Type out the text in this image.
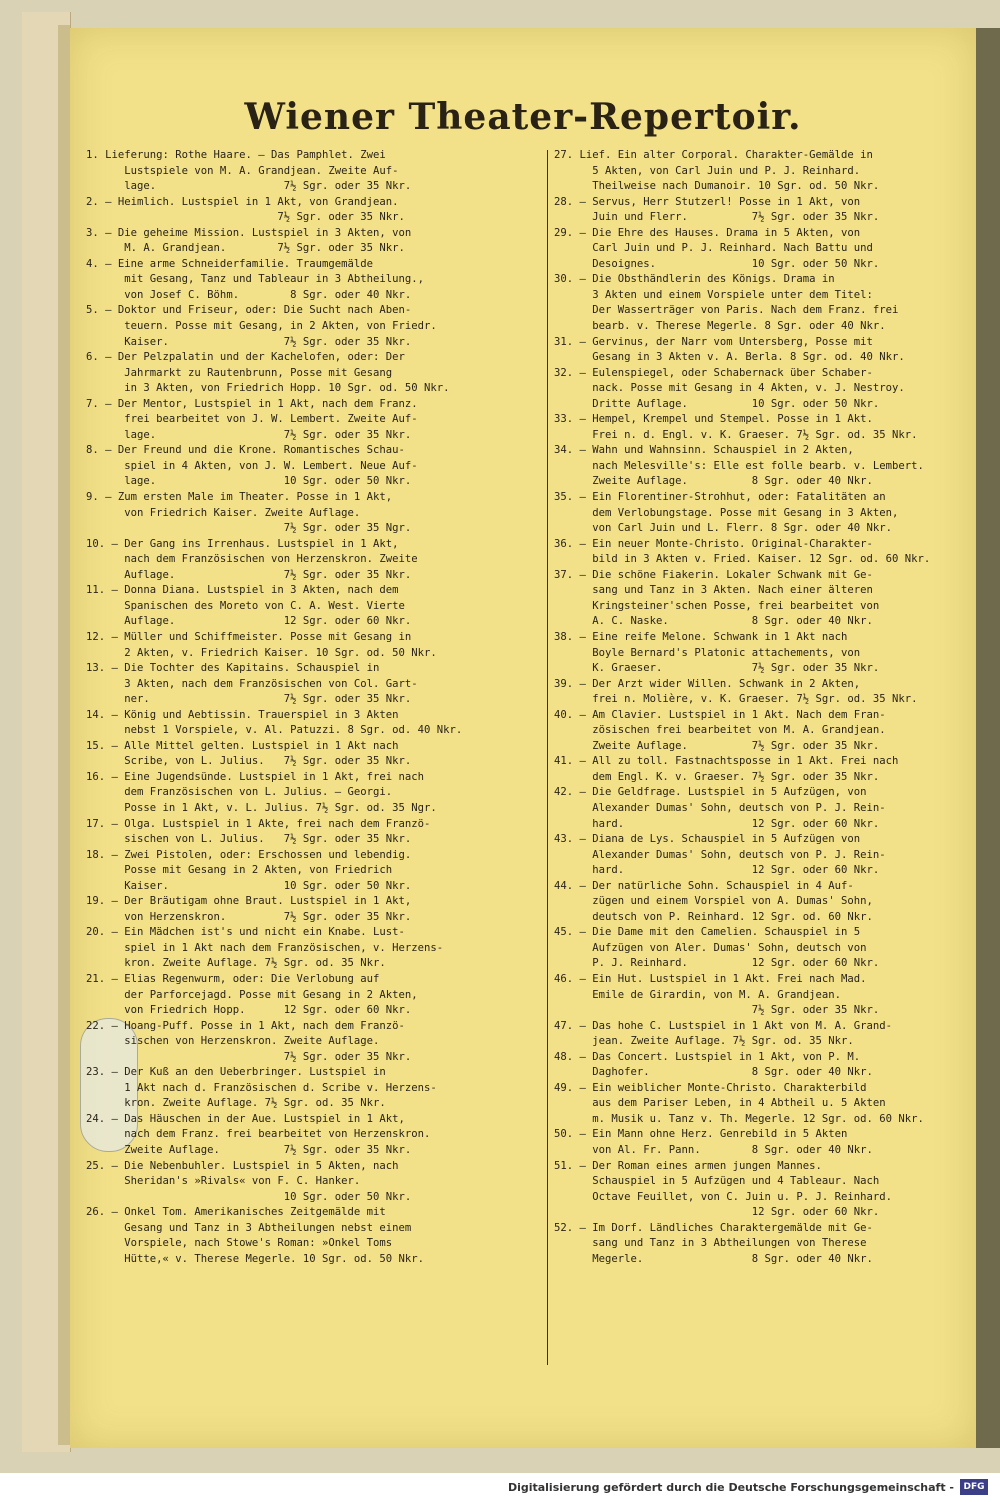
Wiener Theater-Repertoir.
1. Lieferung: Rothe Haare. — Das Pamphlet. Zwei
Lustspiele von M. A. Grandjean. Zweite Auf-
lage.                    7½ Sgr. oder 35 Nkr.
2. — Heimlich. Lustspiel in 1 Akt, von Grandjean.
7½ Sgr. oder 35 Nkr.
3. — Die geheime Mission. Lustspiel in 3 Akten, von
M. A. Grandjean.        7½ Sgr. oder 35 Nkr.
4. — Eine arme Schneiderfamilie. Traumgemälde
mit Gesang, Tanz und Tableaur in 3 Abtheilung.,
von Josef C. Böhm.        8 Sgr. oder 40 Nkr.
5. — Doktor und Friseur, oder: Die Sucht nach Aben-
teuern. Posse mit Gesang, in 2 Akten, von Friedr.
Kaiser.                  7½ Sgr. oder 35 Nkr.
6. — Der Pelzpalatin und der Kachelofen, oder: Der
Jahrmarkt zu Rautenbrunn, Posse mit Gesang
in 3 Akten, von Friedrich Hopp. 10 Sgr. od. 50 Nkr.
7. — Der Mentor, Lustspiel in 1 Akt, nach dem Franz.
frei bearbeitet von J. W. Lembert. Zweite Auf-
lage.                    7½ Sgr. oder 35 Nkr.
8. — Der Freund und die Krone. Romantisches Schau-
spiel in 4 Akten, von J. W. Lembert. Neue Auf-
lage.                    10 Sgr. oder 50 Nkr.
9. — Zum ersten Male im Theater. Posse in 1 Akt,
von Friedrich Kaiser. Zweite Auflage.
7½ Sgr. oder 35 Ngr.
10. — Der Gang ins Irrenhaus. Lustspiel in 1 Akt,
nach dem Französischen von Herzenskron. Zweite
Auflage.                 7½ Sgr. oder 35 Nkr.
11. — Donna Diana. Lustspiel in 3 Akten, nach dem
Spanischen des Moreto von C. A. West. Vierte
Auflage.                 12 Sgr. oder 60 Nkr.
12. — Müller und Schiffmeister. Posse mit Gesang in
2 Akten, v. Friedrich Kaiser. 10 Sgr. od. 50 Nkr.
13. — Die Tochter des Kapitains. Schauspiel in
3 Akten, nach dem Französischen von Col. Gart-
ner.                     7½ Sgr. oder 35 Nkr.
14. — König und Aebtissin. Trauerspiel in 3 Akten
nebst 1 Vorspiele, v. Al. Patuzzi. 8 Sgr. od. 40 Nkr.
15. — Alle Mittel gelten. Lustspiel in 1 Akt nach
Scribe, von L. Julius.   7½ Sgr. oder 35 Nkr.
16. — Eine Jugendsünde. Lustspiel in 1 Akt, frei nach
dem Französischen von L. Julius. — Georgi.
Posse in 1 Akt, v. L. Julius. 7½ Sgr. od. 35 Ngr.
17. — Olga. Lustspiel in 1 Akte, frei nach dem Franzö-
sischen von L. Julius.   7½ Sgr. oder 35 Nkr.
18. — Zwei Pistolen, oder: Erschossen und lebendig.
Posse mit Gesang in 2 Akten, von Friedrich
Kaiser.                  10 Sgr. oder 50 Nkr.
19. — Der Bräutigam ohne Braut. Lustspiel in 1 Akt,
von Herzenskron.         7½ Sgr. oder 35 Nkr.
20. — Ein Mädchen ist's und nicht ein Knabe. Lust-
spiel in 1 Akt nach dem Französischen, v. Herzens-
kron. Zweite Auflage. 7½ Sgr. od. 35 Nkr.
21. — Elias Regenwurm, oder: Die Verlobung auf
der Parforcejagd. Posse mit Gesang in 2 Akten,
von Friedrich Hopp.      12 Sgr. oder 60 Nkr.
22. — Hoang-Puff. Posse in 1 Akt, nach dem Franzö-
sischen von Herzenskron. Zweite Auflage.
7½ Sgr. oder 35 Nkr.
23. — Der Kuß an den Ueberbringer. Lustspiel in
1 Akt nach d. Französischen d. Scribe v. Herzens-
kron. Zweite Auflage. 7½ Sgr. od. 35 Nkr.
24. — Das Häuschen in der Aue. Lustspiel in 1 Akt,
nach dem Franz. frei bearbeitet von Herzenskron.
Zweite Auflage.          7½ Sgr. oder 35 Nkr.
25. — Die Nebenbuhler. Lustspiel in 5 Akten, nach
Sheridan's »Rivals« von F. C. Hanker.
10 Sgr. oder 50 Nkr.
26. — Onkel Tom. Amerikanisches Zeitgemälde mit
Gesang und Tanz in 3 Abtheilungen nebst einem
Vorspiele, nach Stowe's Roman: »Onkel Toms
Hütte,« v. Therese Megerle. 10 Sgr. od. 50 Nkr.
27. Lief. Ein alter Corporal. Charakter-Gemälde in
5 Akten, von Carl Juin und P. J. Reinhard.
Theilweise nach Dumanoir. 10 Sgr. od. 50 Nkr.
28. — Servus, Herr Stutzerl! Posse in 1 Akt, von
Juin und Flerr.          7½ Sgr. oder 35 Nkr.
29. — Die Ehre des Hauses. Drama in 5 Akten, von
Carl Juin und P. J. Reinhard. Nach Battu und
Desoignes.               10 Sgr. oder 50 Nkr.
30. — Die Obsthändlerin des Königs. Drama in
3 Akten und einem Vorspiele unter dem Titel:
Der Wasserträger von Paris. Nach dem Franz. frei
bearb. v. Therese Megerle. 8 Sgr. oder 40 Nkr.
31. — Gervinus, der Narr vom Untersberg, Posse mit
Gesang in 3 Akten v. A. Berla. 8 Sgr. od. 40 Nkr.
32. — Eulenspiegel, oder Schabernack über Schaber-
nack. Posse mit Gesang in 4 Akten, v. J. Nestroy.
Dritte Auflage.          10 Sgr. oder 50 Nkr.
33. — Hempel, Krempel und Stempel. Posse in 1 Akt.
Frei n. d. Engl. v. K. Graeser. 7½ Sgr. od. 35 Nkr.
34. — Wahn und Wahnsinn. Schauspiel in 2 Akten,
nach Melesville's: Elle est folle bearb. v. Lembert.
Zweite Auflage.          8 Sgr. oder 40 Nkr.
35. — Ein Florentiner-Strohhut, oder: Fatalitäten an
dem Verlobungstage. Posse mit Gesang in 3 Akten,
von Carl Juin und L. Flerr. 8 Sgr. oder 40 Nkr.
36. — Ein neuer Monte-Christo. Original-Charakter-
bild in 3 Akten v. Fried. Kaiser. 12 Sgr. od. 60 Nkr.
37. — Die schöne Fiakerin. Lokaler Schwank mit Ge-
sang und Tanz in 3 Akten. Nach einer älteren
Kringsteiner'schen Posse, frei bearbeitet von
A. C. Naske.             8 Sgr. oder 40 Nkr.
38. — Eine reife Melone. Schwank in 1 Akt nach
Boyle Bernard's Platonic attachements, von
K. Graeser.              7½ Sgr. oder 35 Nkr.
39. — Der Arzt wider Willen. Schwank in 2 Akten,
frei n. Molière, v. K. Graeser. 7½ Sgr. od. 35 Nkr.
40. — Am Clavier. Lustspiel in 1 Akt. Nach dem Fran-
zösischen frei bearbeitet von M. A. Grandjean.
Zweite Auflage.          7½ Sgr. oder 35 Nkr.
41. — All zu toll. Fastnachtsposse in 1 Akt. Frei nach
dem Engl. K. v. Graeser. 7½ Sgr. oder 35 Nkr.
42. — Die Geldfrage. Lustspiel in 5 Aufzügen, von
Alexander Dumas' Sohn, deutsch von P. J. Rein-
hard.                    12 Sgr. oder 60 Nkr.
43. — Diana de Lys. Schauspiel in 5 Aufzügen von
Alexander Dumas' Sohn, deutsch von P. J. Rein-
hard.                    12 Sgr. oder 60 Nkr.
44. — Der natürliche Sohn. Schauspiel in 4 Auf-
zügen und einem Vorspiel von A. Dumas' Sohn,
deutsch von P. Reinhard. 12 Sgr. od. 60 Nkr.
45. — Die Dame mit den Camelien. Schauspiel in 5
Aufzügen von Aler. Dumas' Sohn, deutsch von
P. J. Reinhard.          12 Sgr. oder 60 Nkr.
46. — Ein Hut. Lustspiel in 1 Akt. Frei nach Mad.
Emile de Girardin, von M. A. Grandjean.
7½ Sgr. oder 35 Nkr.
47. — Das hohe C. Lustspiel in 1 Akt von M. A. Grand-
jean. Zweite Auflage. 7½ Sgr. od. 35 Nkr.
48. — Das Concert. Lustspiel in 1 Akt, von P. M.
Daghofer.                8 Sgr. oder 40 Nkr.
49. — Ein weiblicher Monte-Christo. Charakterbild
aus dem Pariser Leben, in 4 Abtheil u. 5 Akten
m. Musik u. Tanz v. Th. Megerle. 12 Sgr. od. 60 Nkr.
50. — Ein Mann ohne Herz. Genrebild in 5 Akten
von Al. Fr. Pann.        8 Sgr. oder 40 Nkr.
51. — Der Roman eines armen jungen Mannes.
Schauspiel in 5 Aufzügen und 4 Tableaur. Nach
Octave Feuillet, von C. Juin u. P. J. Reinhard.
12 Sgr. oder 60 Nkr.
52. — Im Dorf. Ländliches Charaktergemälde mit Ge-
sang und Tanz in 3 Abtheilungen von Therese
Megerle.                 8 Sgr. oder 40 Nkr.
Digitalisierung gefördert durch die Deutsche Forschungsgemeinschaft -	DFG
